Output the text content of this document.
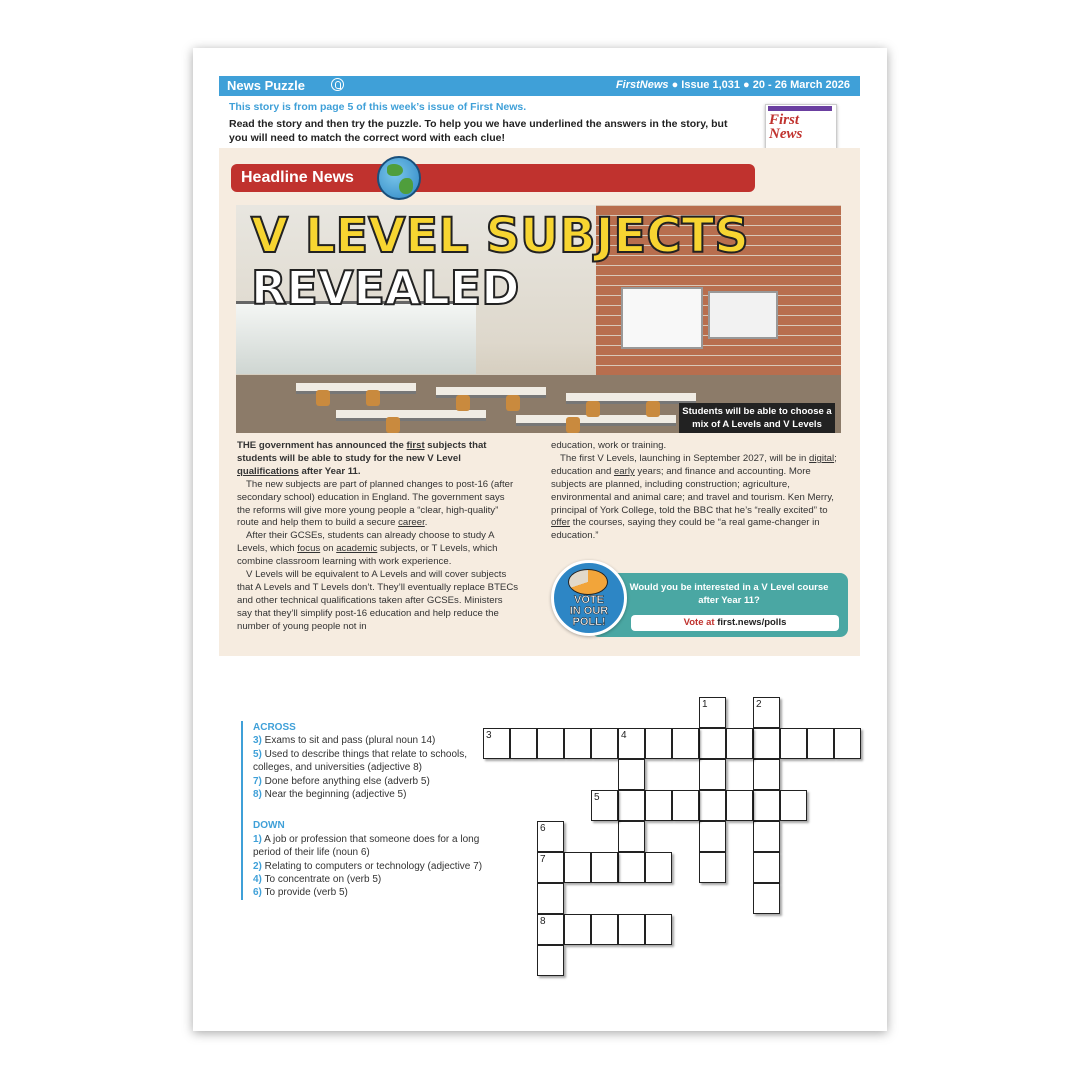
News Puzzle	FirstNews ● Issue 1,031 ● 20 - 26 March 2026
This story is from page 5 of this week’s issue of First News.
Read the story and then try the puzzle. To help you we have underlined the answers in the story, but you will need to match the correct word with each clue!
First
News
Headline News
V LEVEL SUBJECTS
REVEALED
Students will be able to choose a mix of A Levels and V Levels

THE government has announced the first subjects that students will be able to study for the new V Level qualifications after Year 11.

The new subjects are part of planned changes to post-16 (after secondary school) education in England. The government says the reforms will give more young people a “clear, high-quality” route and help them to build a secure career.

After their GCSEs, students can already choose to study A Levels, which focus on academic subjects, or T Levels, which combine classroom learning with work experience.

V Levels will be equivalent to A Levels and will cover subjects that A Levels and T Levels don’t. They’ll eventually replace BTECs and other technical qualifications taken after GCSEs. Ministers say that they’ll simplify post-16 education and help reduce the number of young people not in

education, work or training.

The first V Levels, launching in September 2027, will be in digital; education and early years; and finance and accounting. More subjects are planned, including construction; agriculture, environmental and animal care; and travel and tourism. Ken Merry, principal of York College, told the BBC that he’s “really excited” to offer the courses, saying they could be “a real game-changer in education.”

Would you be interested in a V Level course after Year 11?
Vote at first.news/polls
VOTE
IN OUR
POLL!
ACROSS
3) Exams to sit and pass (plural noun 14)
5) Used to describe things that relate to schools, colleges, and universities (adjective 8)
7) Done before anything else (adverb 5)
8) Near the beginning (adjective 5)
DOWN
1) A job or profession that someone does for a long period of their life (noun 6)
2) Relating to computers or technology (adjective 7)
4) To concentrate on (verb 5)
6) To provide (verb 5)
1	2
3	4
5
6
7
8
